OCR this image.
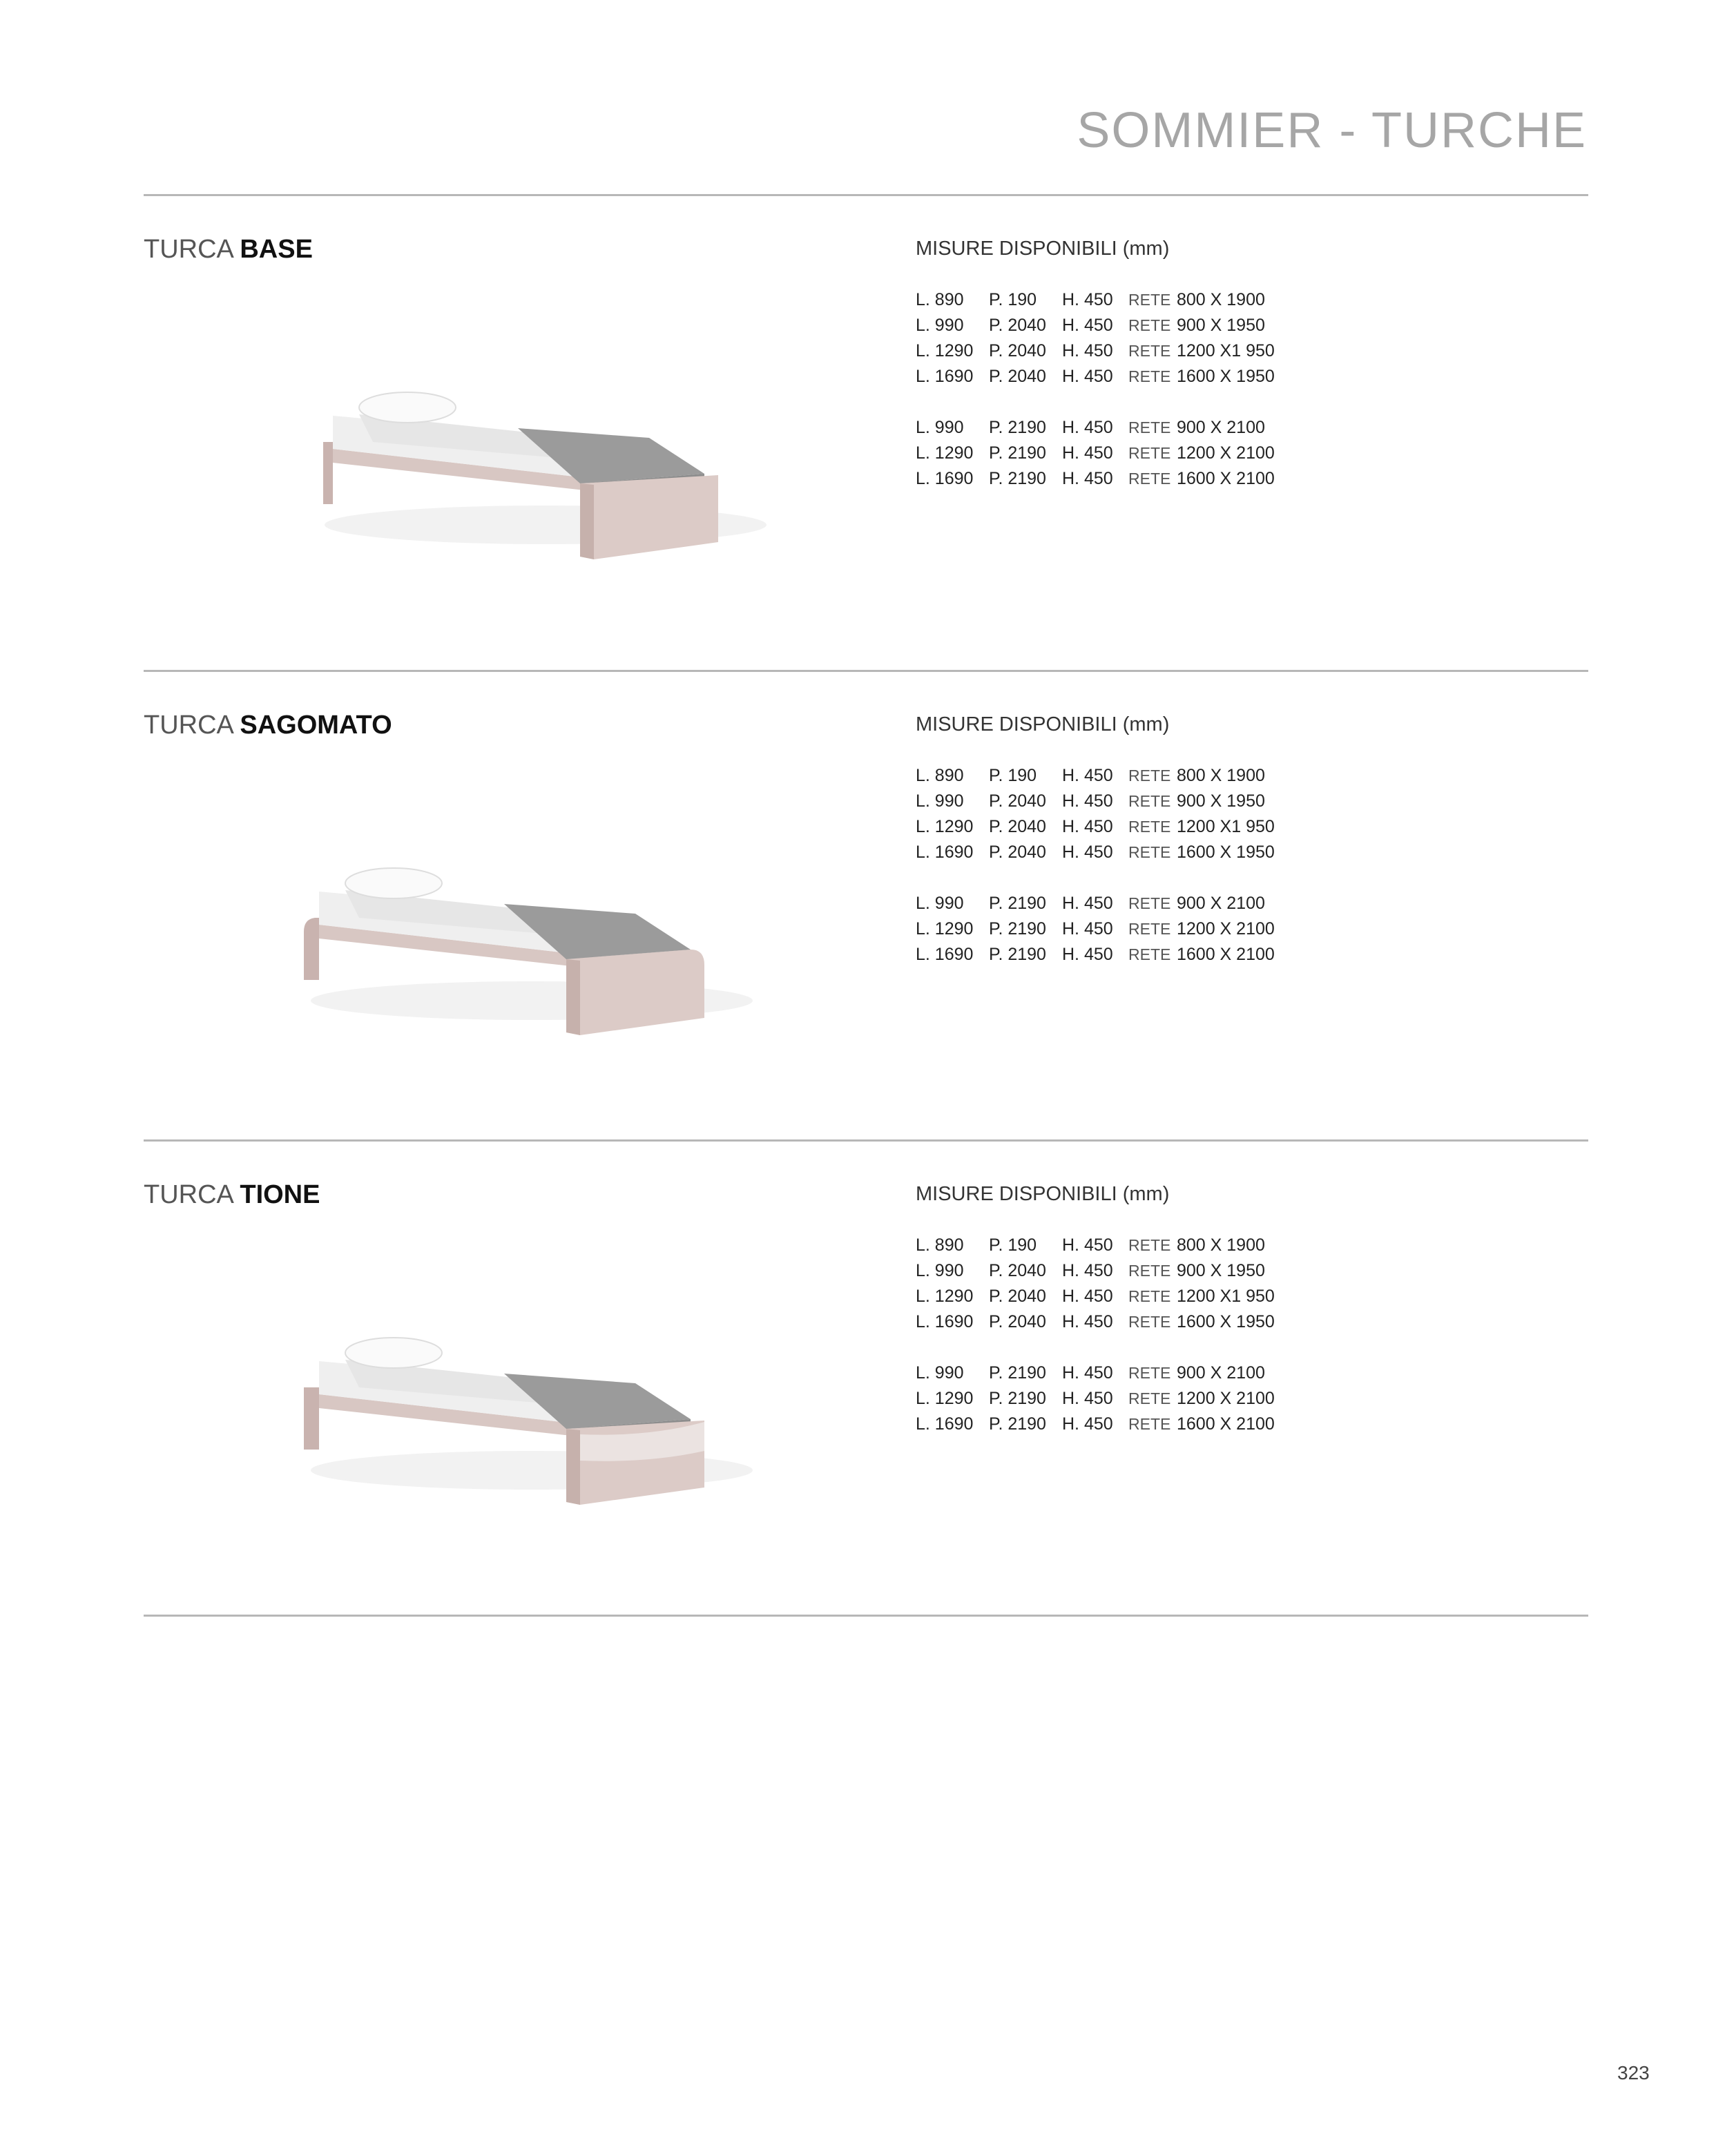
SOMMIER - TURCHE
TURCA BASE	MISURE DISPONIBILI (mm)
L. 890	P. 190	H. 450 RETE 800 X 1900
L. 990	P. 2040 H. 450 RETE 900 X 1950
L. 1290 P. 2040 H. 450 RETE 1200 X1 950
L. 1690 P. 2040 H. 450 RETE 1600 X 1950
L. 990	P. 2190 H. 450 RETE 900 X 2100
L. 1290 P. 2190 H. 450 RETE 1200 X 2100
L. 1690 P. 2190 H. 450 RETE 1600 X 2100
TURCA SAGOMATO	MISURE DISPONIBILI (mm)
L. 890	P. 190	H. 450 RETE 800 X 1900
L. 990	P. 2040 H. 450 RETE 900 X 1950
L. 1290 P. 2040 H. 450 RETE 1200 X1 950
L. 1690 P. 2040 H. 450 RETE 1600 X 1950
L. 990	P. 2190 H. 450 RETE 900 X 2100
L. 1290 P. 2190 H. 450 RETE 1200 X 2100
L. 1690 P. 2190 H. 450 RETE 1600 X 2100
TURCA TIONE	MISURE DISPONIBILI (mm)
L. 890	P. 190	H. 450 RETE 800 X 1900
L. 990	P. 2040 H. 450 RETE 900 X 1950
L. 1290 P. 2040 H. 450 RETE 1200 X1 950
L. 1690 P. 2040 H. 450 RETE 1600 X 1950
L. 990	P. 2190 H. 450 RETE 900 X 2100
L. 1290 P. 2190 H. 450 RETE 1200 X 2100
L. 1690 P. 2190 H. 450 RETE 1600 X 2100
323
